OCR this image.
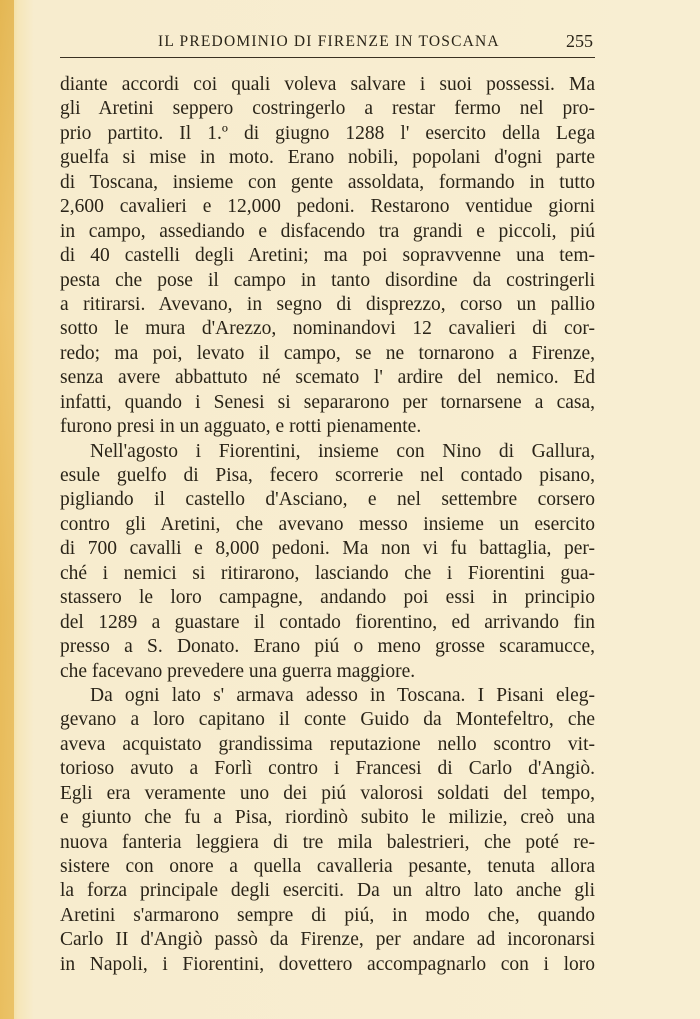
IL PREDOMINIO DI FIRENZE IN TOSCANA	255
diante accordi coi quali voleva salvare i suoi possessi. Ma
gli Aretini seppero costringerlo a restar fermo nel pro-
prio partito. Il 1.º di giugno 1288 l' esercito della Lega
guelfa si mise in moto. Erano nobili, popolani d'ogni parte
di Toscana, insieme con gente assoldata, formando in tutto
2,600 cavalieri e 12,000 pedoni. Restarono ventidue giorni
in campo, assediando e disfacendo tra grandi e piccoli, piú
di 40 castelli degli Aretini; ma poi sopravvenne una tem-
pesta che pose il campo in tanto disordine da costringerli
a ritirarsi. Avevano, in segno di disprezzo, corso un pallio
sotto le mura d'Arezzo, nominandovi 12 cavalieri di cor-
redo; ma poi, levato il campo, se ne tornarono a Firenze,
senza avere abbattuto né scemato l' ardire del nemico. Ed
infatti, quando i Senesi si separarono per tornarsene a casa,
furono presi in un agguato, e rotti pienamente.
Nell'agosto i Fiorentini, insieme con Nino di Gallura,
esule guelfo di Pisa, fecero scorrerie nel contado pisano,
pigliando il castello d'Asciano, e nel settembre corsero
contro gli Aretini, che avevano messo insieme un esercito
di 700 cavalli e 8,000 pedoni. Ma non vi fu battaglia, per-
ché i nemici si ritirarono, lasciando che i Fiorentini gua-
stassero le loro campagne, andando poi essi in principio
del 1289 a guastare il contado fiorentino, ed arrivando fin
presso a S. Donato. Erano piú o meno grosse scaramucce,
che facevano prevedere una guerra maggiore.
Da ogni lato s' armava adesso in Toscana. I Pisani eleg-
gevano a loro capitano il conte Guido da Montefeltro, che
aveva acquistato grandissima reputazione nello scontro vit-
torioso avuto a Forlì contro i Francesi di Carlo d'Angiò.
Egli era veramente uno dei piú valorosi soldati del tempo,
e giunto che fu a Pisa, riordinò subito le milizie, creò una
nuova fanteria leggiera di tre mila balestrieri, che poté re-
sistere con onore a quella cavalleria pesante, tenuta allora
la forza principale degli eserciti. Da un altro lato anche gli
Aretini s'armarono sempre di piú, in modo che, quando
Carlo II d'Angiò passò da Firenze, per andare ad incoronarsi
in Napoli, i Fiorentini, dovettero accompagnarlo con i loro
